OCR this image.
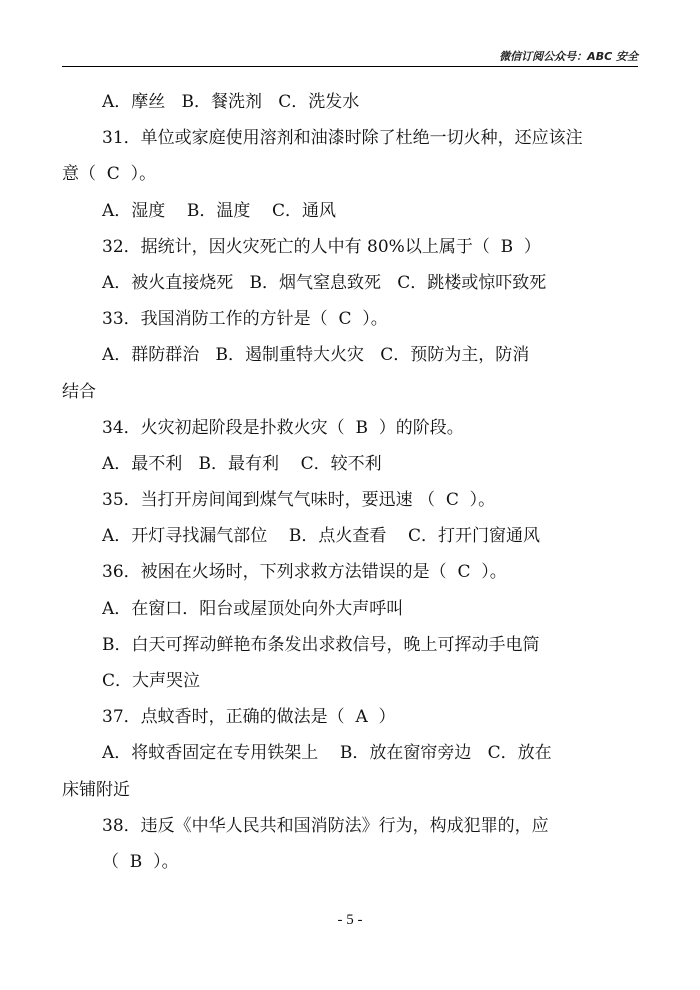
微信订阅公众号：ABC 安全
A．摩丝   B．餐洗剂   C．洗发水
31．单位或家庭使用溶剂和油漆时除了杜绝一切火种，还应该注
意（  C  ）。
A．湿度    B．温度    C．通风
32．据统计，因火灾死亡的人中有 80%以上属于（  B  ）
A．被火直接烧死   B．烟气窒息致死   C．跳楼或惊吓致死
33．我国消防工作的方针是（  C  ）。
A．群防群治   B．遏制重特大火灾   C．预防为主，防消
结合
34．火灾初起阶段是扑救火灾（  B  ）的阶段。
A．最不利   B．最有利    C．较不利
35．当打开房间闻到煤气气味时，要迅速 （  C  ）。
A．开灯寻找漏气部位    B．点火查看    C．打开门窗通风
36．被困在火场时，下列求救方法错误的是（  C  ）。
A．在窗口．阳台或屋顶处向外大声呼叫
B．白天可挥动鲜艳布条发出求救信号，晚上可挥动手电筒
C．大声哭泣
37．点蚊香时，正确的做法是（  A  ）
A．将蚊香固定在专用铁架上    B．放在窗帘旁边   C．放在
床铺附近
38．违反《中华人民共和国消防法》行为，构成犯罪的，应
（  B  ）。
- 5 -
